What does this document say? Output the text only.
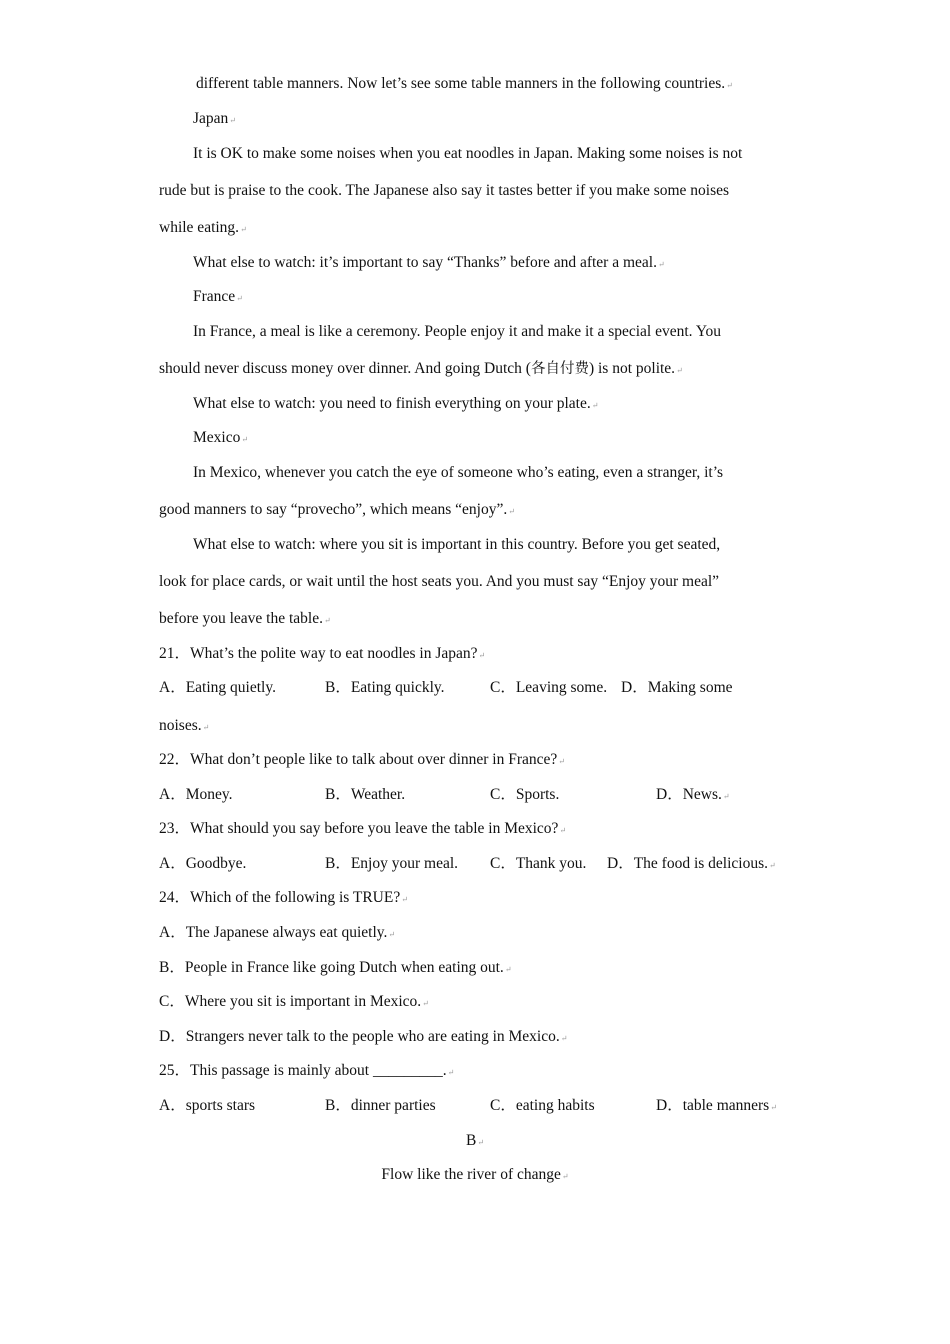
different table manners. Now let’s see some table manners in the following countries.↵
Japan↵
It is OK to make some noises when you eat noodles in Japan. Making some noises is not
rude but is praise to the cook. The Japanese also say it tastes better if you make some noises
while eating.↵
What else to watch: it’s important to say “Thanks” before and after a meal.↵
France↵
In France, a meal is like a ceremony. People enjoy it and make it a special event. You
should never discuss money over dinner. And going Dutch (各自付费) is not polite.↵
What else to watch: you need to finish everything on your plate.↵
Mexico↵
In Mexico, whenever you catch the eye of someone who’s eating, even a stranger, it’s
good manners to say “provecho”, which means “enjoy”.↵
What else to watch: where you sit is important in this country. Before you get seated,
look for place cards, or wait until the host seats you. And you must say “Enjoy your meal”
before you leave the table.↵
21．What’s the polite way to eat noodles in Japan?↵
A．Eating quietly.	B．Eating quickly.	C．Leaving some. D．Making some
noises.↵
22．What don’t people like to talk about over dinner in France?↵
A．Money.	B．Weather.	C．Sports.	D．News.↵
23．What should you say before you leave the table in Mexico?↵
A．Goodbye.	B．Enjoy your meal. C．Thank you. D．The food is delicious.↵
24．Which of the following is TRUE?↵
A．The Japanese always eat quietly.↵
B．People in France like going Dutch when eating out.↵
C．Where you sit is important in Mexico.↵
D．Strangers never talk to the people who are eating in Mexico.↵
25．This passage is mainly about _________.↵
A．sports stars	B．dinner parties	C．eating habits	D．table manners↵
B↵
Flow like the river of change↵
